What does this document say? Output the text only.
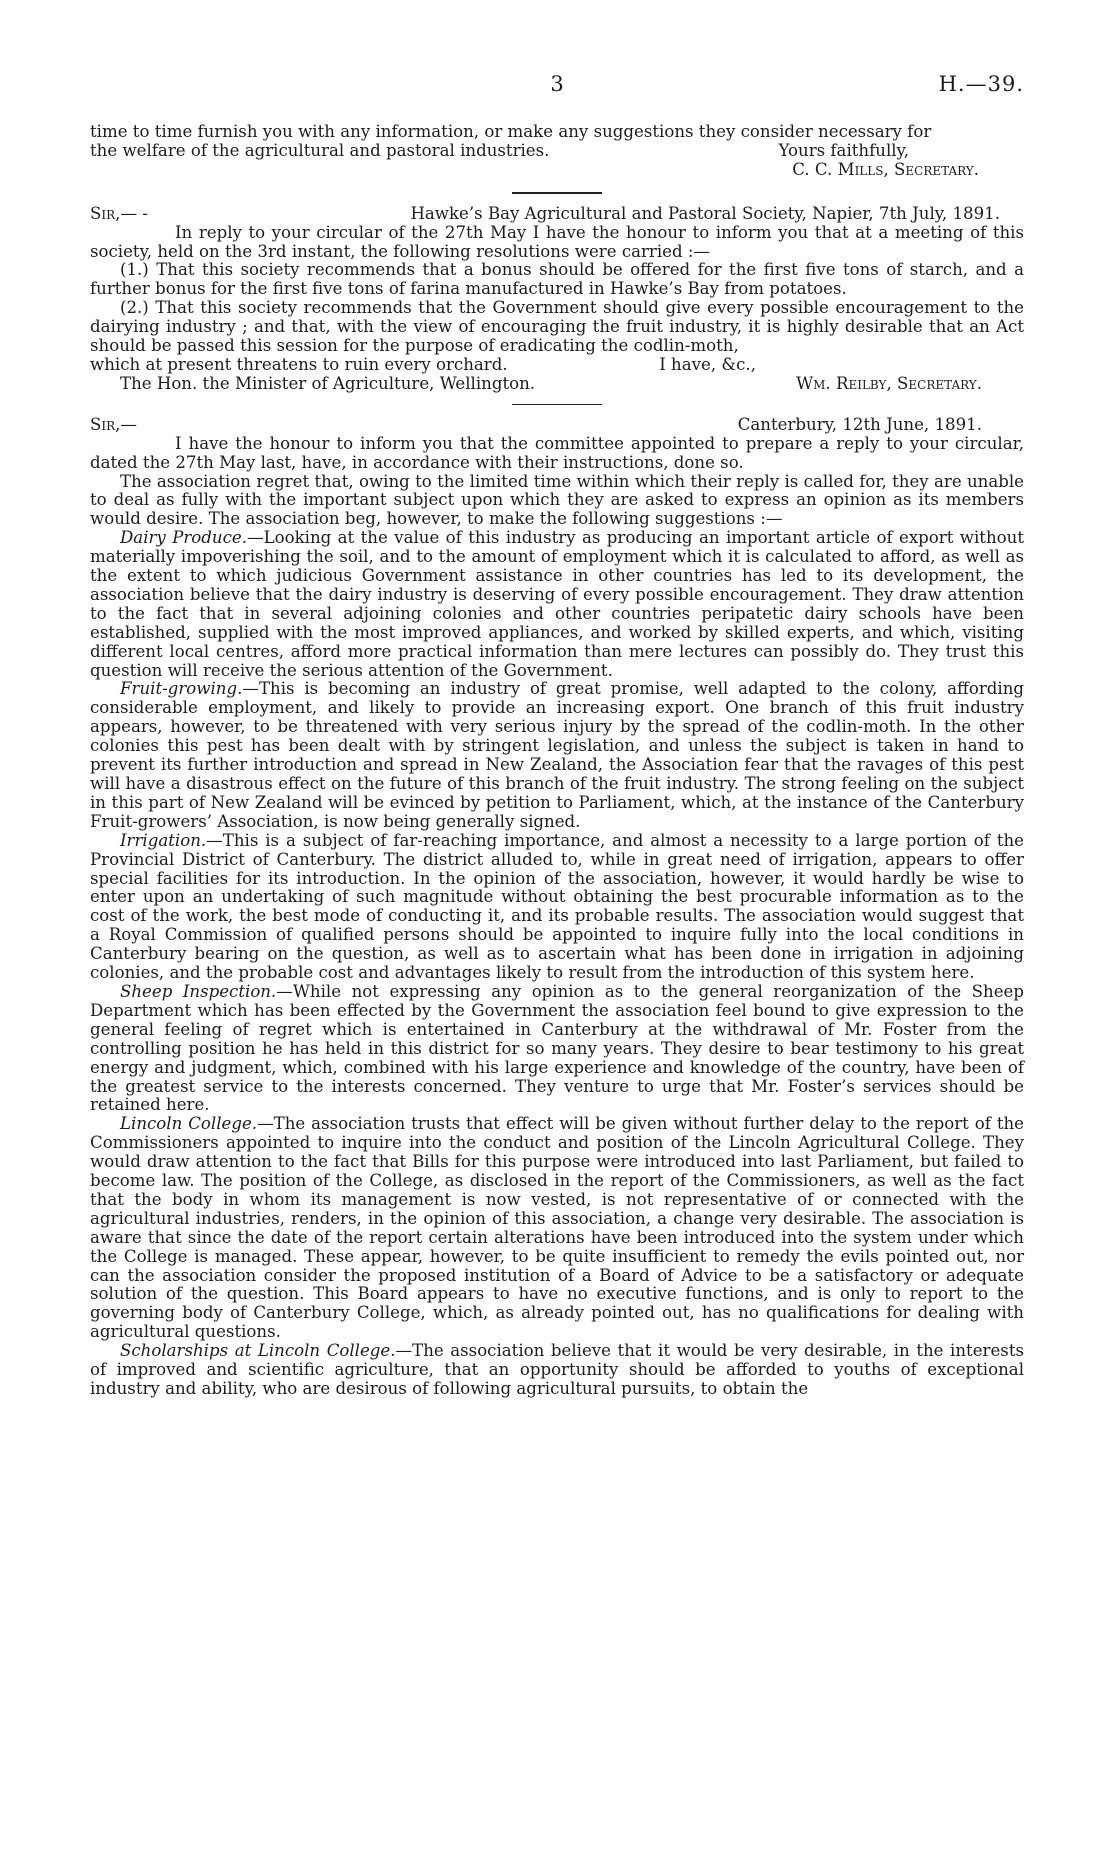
3	H.—39.

time to time furnish you with any information, or make any suggestions they consider necessary for

the welfare of the agricultural and pastoral industries.	Yours faithfully,

C. C. Mills, Secretary.

Sir,— -	Hawke’s Bay Agricultural and Pastoral Society, Napier, 7th July, 1891.

In reply to your circular of the 27th May I have the honour to inform you that at a meeting of this society, held on the 3rd instant, the following resolutions were carried :—

(1.) That this society recommends that a bonus should be offered for the first five tons of starch, and a further bonus for the first five tons of farina manufactured in Hawke’s Bay from potatoes.

(2.) That this society recommends that the Government should give every possible encouragement to the dairying industry ; and that, with the view of encouraging the fruit industry, it is highly desirable that an Act should be passed this session for the purpose of eradicating the codlin-moth,

which at present threatens to ruin every orchard.	I have, &c.,
The Hon. the Minister of Agriculture, Wellington.	Wm. Reilby, Secretary.
Sir,—	Canterbury, 12th June, 1891.

I have the honour to inform you that the committee appointed to prepare a reply to your circular, dated the 27th May last, have, in accordance with their instructions, done so.

The association regret that, owing to the limited time within which their reply is called for, they are unable to deal as fully with the important subject upon which they are asked to express an opinion as its members would desire. The association beg, however, to make the following suggestions :—

Dairy Produce.—Looking at the value of this industry as producing an important article of export without materially impoverishing the soil, and to the amount of employment which it is calculated to afford, as well as the extent to which judicious Government assistance in other countries has led to its development, the association believe that the dairy industry is deserving of every possible encouragement. They draw attention to the fact that in several adjoining colonies and other countries peripatetic dairy schools have been established, supplied with the most improved appliances, and worked by skilled experts, and which, visiting different local centres, afford more practical information than mere lectures can possibly do. They trust this question will receive the serious attention of the Government.

Fruit-growing.—This is becoming an industry of great promise, well adapted to the colony, affording considerable employment, and likely to provide an increasing export. One branch of this fruit industry appears, however, to be threatened with very serious injury by the spread of the codlin-moth. In the other colonies this pest has been dealt with by stringent legislation, and unless the subject is taken in hand to prevent its further introduction and spread in New Zealand, the Association fear that the ravages of this pest will have a disastrous effect on the future of this branch of the fruit industry. The strong feeling on the subject in this part of New Zealand will be evinced by petition to Parliament, which, at the instance of the Canterbury Fruit-growers’ Association, is now being generally signed.

Irrigation.—This is a subject of far-reaching importance, and almost a necessity to a large portion of the Provincial District of Canterbury. The district alluded to, while in great need of irrigation, appears to offer special facilities for its introduction. In the opinion of the association, however, it would hardly be wise to enter upon an undertaking of such magnitude without obtaining the best procurable information as to the cost of the work, the best mode of conducting it, and its probable results. The association would suggest that a Royal Commission of qualified persons should be appointed to inquire fully into the local conditions in Canterbury bearing on the question, as well as to ascertain what has been done in irrigation in adjoining colonies, and the probable cost and advantages likely to result from the introduction of this system here.

Sheep Inspection.—While not expressing any opinion as to the general reorganization of the Sheep Department which has been effected by the Government the association feel bound to give expression to the general feeling of regret which is entertained in Canterbury at the withdrawal of Mr. Foster from the controlling position he has held in this district for so many years. They desire to bear testimony to his great energy and judgment, which, combined with his large experience and knowledge of the country, have been of the greatest service to the interests concerned. They venture to urge that Mr. Foster’s services should be retained here.

Lincoln College.—The association trusts that effect will be given without further delay to the report of the Commissioners appointed to inquire into the conduct and position of the Lincoln Agricultural College. They would draw attention to the fact that Bills for this purpose were introduced into last Parliament, but failed to become law. The position of the College, as disclosed in the report of the Commissioners, as well as the fact that the body in whom its management is now vested, is not representative of or connected with the agricultural industries, renders, in the opinion of this association, a change very desirable. The association is aware that since the date of the report certain alterations have been introduced into the system under which the College is managed. These appear, however, to be quite insufficient to remedy the evils pointed out, nor can the association consider the proposed institution of a Board of Advice to be a satisfactory or adequate solution of the question. This Board appears to have no executive functions, and is only to report to the governing body of Canterbury College, which, as already pointed out, has no qualifications for dealing with agricultural questions.

Scholarships at Lincoln College.—The association believe that it would be very desirable, in the interests of improved and scientific agriculture, that an opportunity should be afforded to youths of exceptional industry and ability, who are desirous of following agricultural pursuits, to obtain the
